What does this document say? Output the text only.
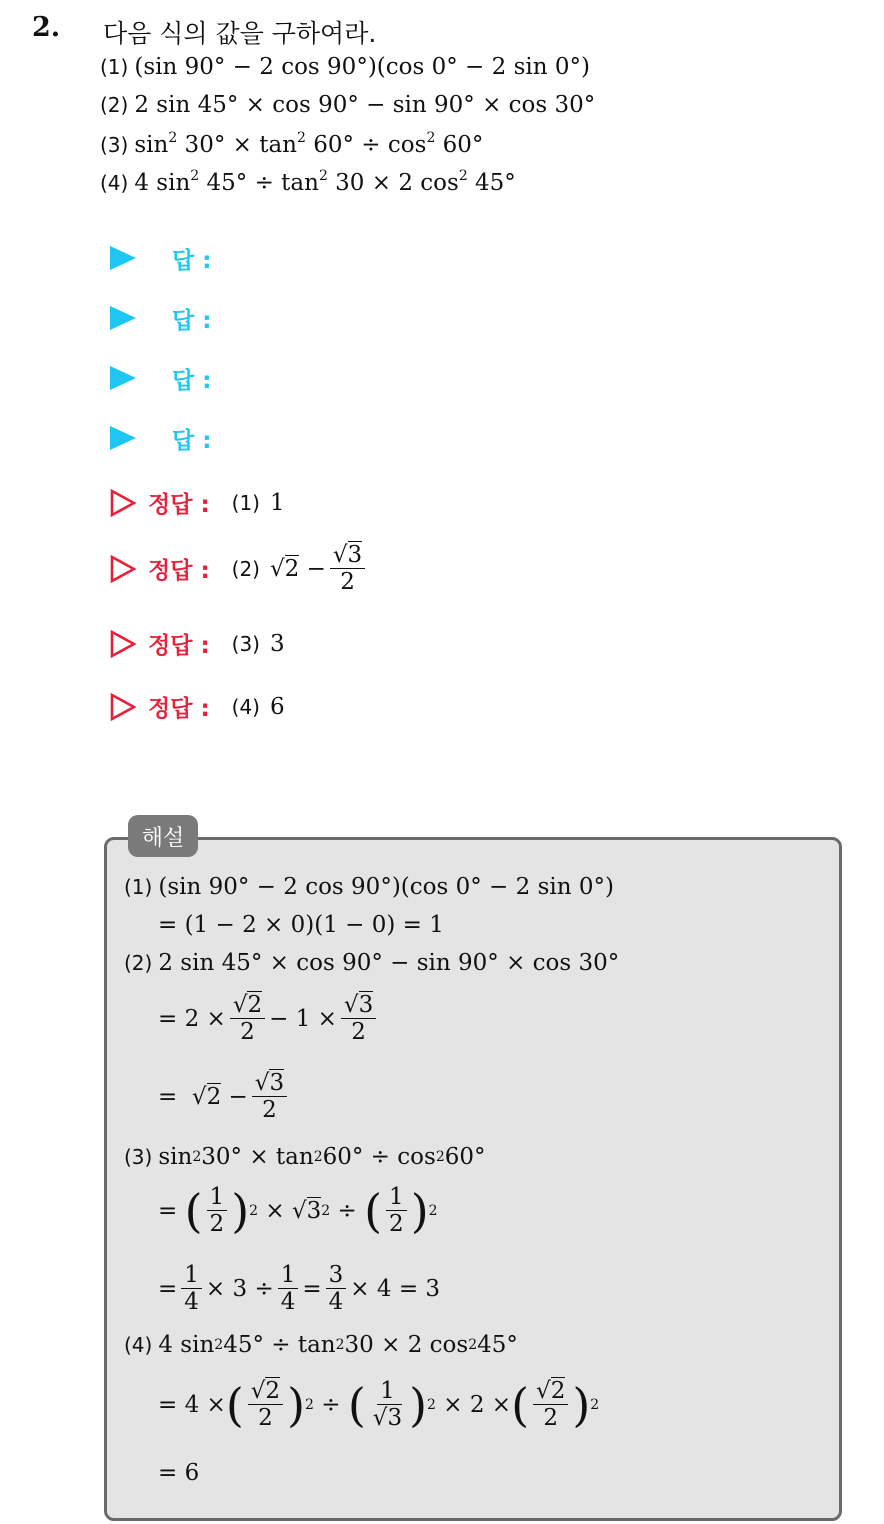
2. 다음 식의 값을 구하여라.
(1) (sin 90° − 2 cos 90°)(cos 0° − 2 sin 0°)
(2) 2 sin 45° × cos 90° − sin 90° × cos 30°
(3) $\sin^2 30^\circ \times \tan^2 60^\circ \div \cos^2 60^\circ$
(4) 4 $\sin^2 45^\circ \div \tan^2 30 \times 2$ $\cos^2 45^\circ$
답 :
답 :
답 :
답 :
정답 : (1) 1
정답 : (2) $√2 - \frac{√3}{2}$
정답 : (3) 3
정답 : (4) 6
해설
(1) (sin 90° − 2 cos 90°)(cos 0° − 2 sin 0°)
= (1 − 2 × 0)(1 − 0) = 1
(2) 2 sin 45° × cos 90° − sin 90° × cos 30°
= $2 \times \frac{√2}{2} - 1 \times \frac{√3}{2}$
=  √ $2 - \frac{√3}{2}$
(3) sin 2 30° × tan 2 60° ÷ cos 2 60°
= ( $\frac{1}{2}$ ) 2 × √ 3 2 ÷ ( $\frac{1}{2}$ ) 2
= $\frac{1}{4} \times 3 \div \frac{1}{4} = \frac{3}{4} \times 4 = 3$
(4) 4 sin 2 45° ÷ tan 2 30 × 2 cos 2 45°
= 4 × ( $\frac{√2}{2}$ ) 2 ÷ ( $\frac{1}{√3}$ ) 2 × 2 × ( $\frac{√2}{2}$ ) 2
= 6
